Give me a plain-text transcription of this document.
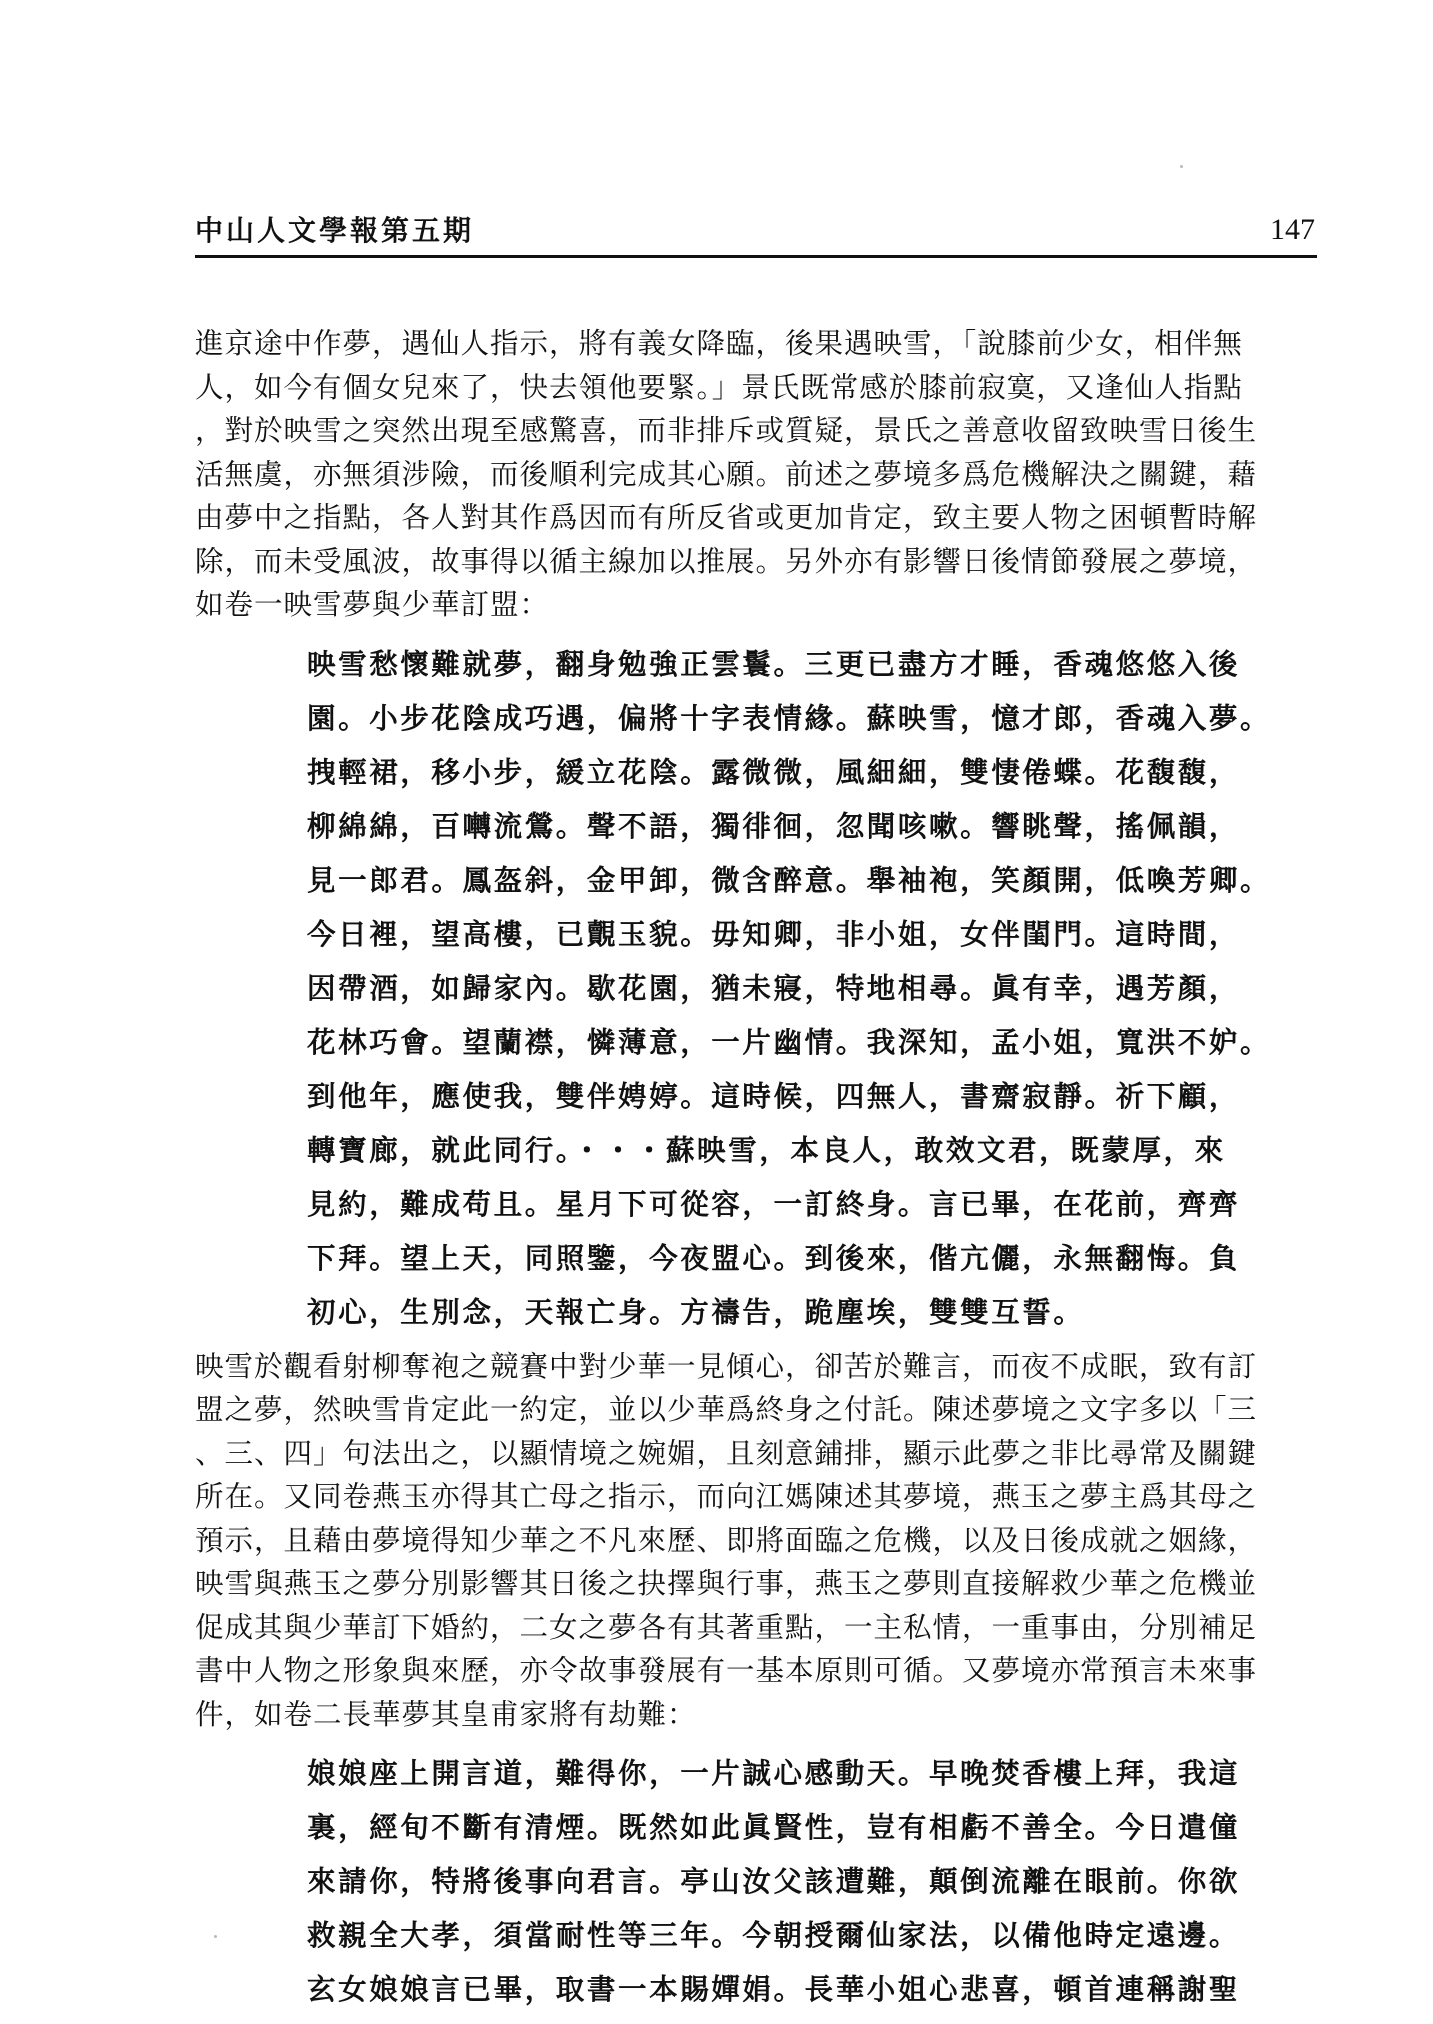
中山人文學報第五期	147

進京途中作夢，遇仙人指示，將有義女降臨，後果遇映雪，「說膝前少女，相伴無
人，如今有個女兒來了，快去領他要緊。」景氏既常感於膝前寂寞，又逢仙人指點
，對於映雪之突然出現至感驚喜，而非排斥或質疑，景氏之善意收留致映雪日後生
活無虞，亦無須涉險，而後順利完成其心願。前述之夢境多爲危機解決之關鍵，藉
由夢中之指點，各人對其作爲因而有所反省或更加肯定，致主要人物之困頓暫時解
除，而未受風波，故事得以循主線加以推展。另外亦有影響日後情節發展之夢境，
如卷一映雪夢與少華訂盟：

映雪愁懷難就夢，翻身勉強正雲鬟。三更已盡方才睡，香魂悠悠入後
園。小步花陰成巧遇，偏將十字表情緣。蘇映雪，憶才郎，香魂入夢。
拽輕裙，移小步，緩立花陰。露微微，風細細，雙悽倦蝶。花馥馥，
柳綿綿，百囀流鶯。聲不語，獨徘徊，忽聞咳嗽。響眺聲，搖佩韻，
見一郎君。鳳盔斜，金甲卸，微含醉意。舉袖袍，笑顏開，低喚芳卿。
今日裡，望高樓，已覿玉貌。毋知卿，非小姐，女伴閨門。這時間，
因帶酒，如歸家內。歇花園，猶未寢，特地相尋。眞有幸，遇芳顏，
花林巧會。望蘭襟，憐薄意，一片幽情。我深知，孟小姐，寬洪不妒。
到他年，應使我，雙伴娉婷。這時候，四無人，書齋寂靜。祈下顧，
轉寶廊，就此同行。・・・蘇映雪，本良人，敢效文君，既蒙厚，來
見約，難成苟且。星月下可從容，一訂終身。言已畢，在花前，齊齊
下拜。望上天，同照鑒，今夜盟心。到後來，偕亢儷，永無翻悔。負
初心，生別念，天報亡身。方禱告，跪塵埃，雙雙互誓。

映雪於觀看射柳奪袍之競賽中對少華一見傾心，卻苦於難言，而夜不成眠，致有訂
盟之夢，然映雪肯定此一約定，並以少華爲終身之付託。陳述夢境之文字多以「三
、三、四」句法出之，以顯情境之婉媚，且刻意鋪排，顯示此夢之非比尋常及關鍵
所在。又同卷燕玉亦得其亡母之指示，而向江媽陳述其夢境，燕玉之夢主爲其母之
預示，且藉由夢境得知少華之不凡來歷、即將面臨之危機，以及日後成就之姻緣，
映雪與燕玉之夢分別影響其日後之抉擇與行事，燕玉之夢則直接解救少華之危機並
促成其與少華訂下婚約，二女之夢各有其著重點，一主私情，一重事由，分別補足
書中人物之形象與來歷，亦令故事發展有一基本原則可循。又夢境亦常預言未來事
件，如卷二長華夢其皇甫家將有劫難：

娘娘座上開言道，難得你，一片誠心感動天。早晚焚香樓上拜，我這
裏，經旬不斷有清煙。既然如此眞賢性，豈有相虧不善全。今日遣僮
來請你，特將後事向君言。亭山汝父該遭難，顛倒流離在眼前。你欲
救親全大孝，須當耐性等三年。今朝授爾仙家法，以備他時定遠邊。
玄女娘娘言已畢，取書一本賜嬋娟。長華小姐心悲喜，頓首連稱謝聖
